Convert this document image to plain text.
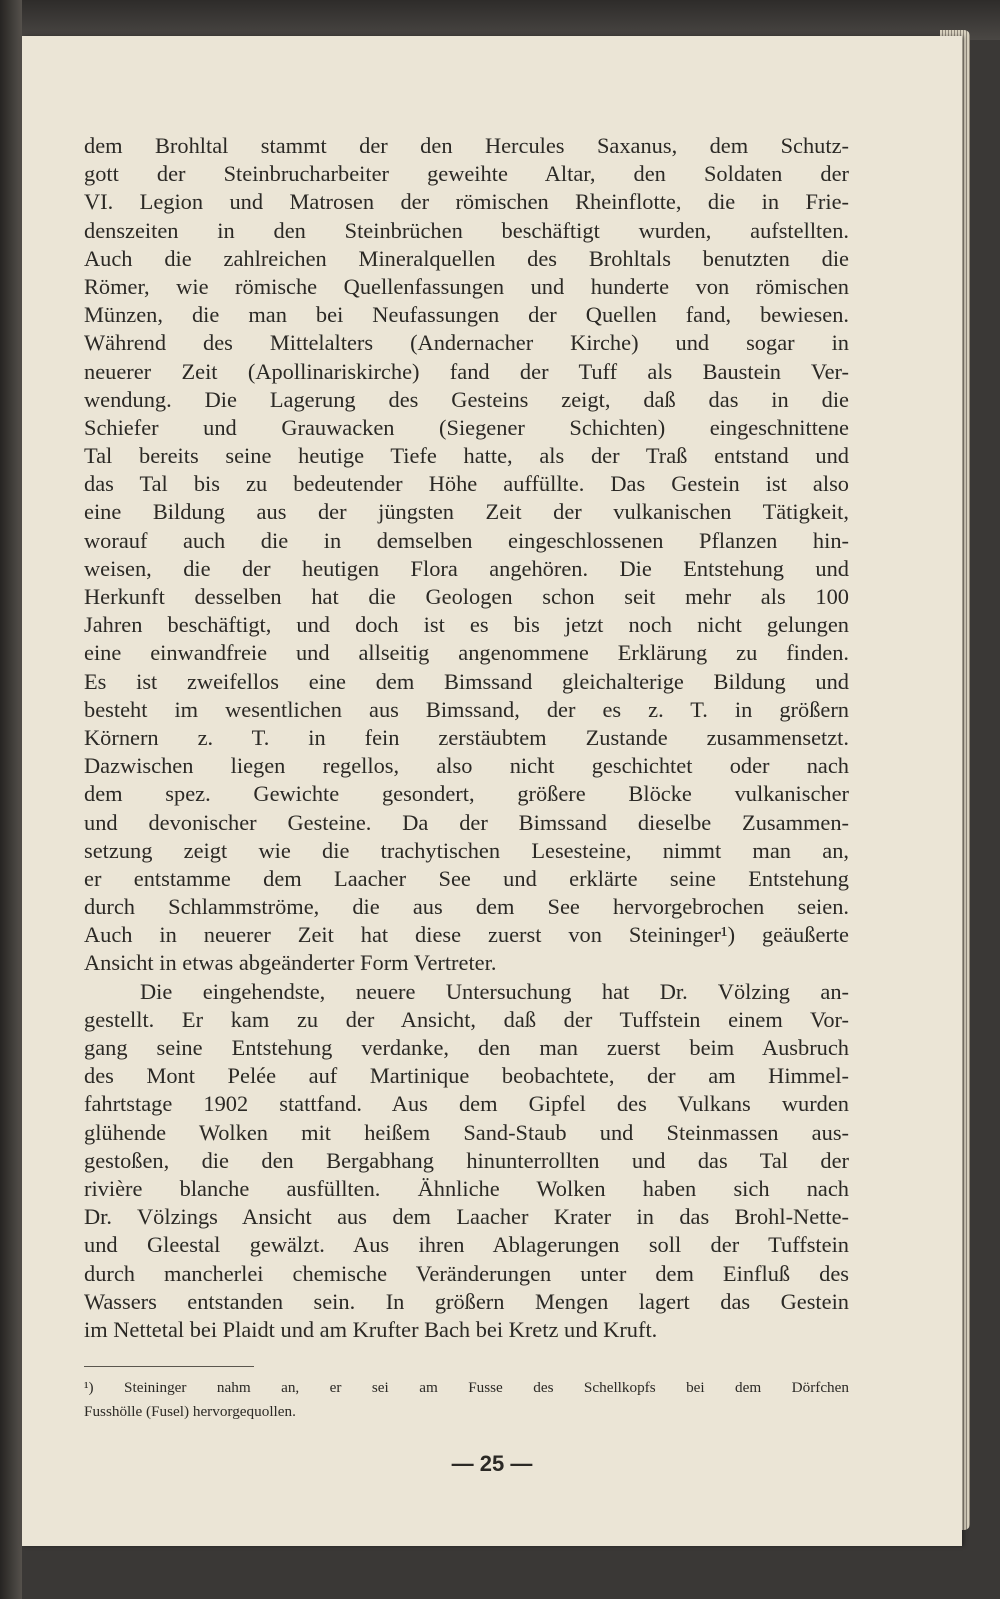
dem Brohltal stammt der den Hercules Saxanus, dem Schutz-
gott der Steinbrucharbeiter geweihte Altar, den Soldaten der
VI. Legion und Matrosen der römischen Rheinflotte, die in Frie-
denszeiten in den Steinbrüchen beschäftigt wurden, aufstellten.
Auch die zahlreichen Mineralquellen des Brohltals benutzten die
Römer, wie römische Quellenfassungen und hunderte von römischen
Münzen, die man bei Neufassungen der Quellen fand, bewiesen.
Während des Mittelalters (Andernacher Kirche) und sogar in
neuerer Zeit (Apollinariskirche) fand der Tuff als Baustein Ver-
wendung. Die Lagerung des Gesteins zeigt, daß das in die
Schiefer und Grauwacken (Siegener Schichten) eingeschnittene
Tal bereits seine heutige Tiefe hatte, als der Traß entstand und
das Tal bis zu bedeutender Höhe auffüllte. Das Gestein ist also
eine Bildung aus der jüngsten Zeit der vulkanischen Tätigkeit,
worauf auch die in demselben eingeschlossenen Pflanzen hin-
weisen, die der heutigen Flora angehören. Die Entstehung und
Herkunft desselben hat die Geologen schon seit mehr als 100
Jahren beschäftigt, und doch ist es bis jetzt noch nicht gelungen
eine einwandfreie und allseitig angenommene Erklärung zu finden.
Es ist zweifellos eine dem Bimssand gleichalterige Bildung und
besteht im wesentlichen aus Bimssand, der es z. T. in größern
Körnern z. T. in fein zerstäubtem Zustande zusammensetzt.
Dazwischen liegen regellos, also nicht geschichtet oder nach
dem spez. Gewichte gesondert, größere Blöcke vulkanischer
und devonischer Gesteine. Da der Bimssand dieselbe Zusammen-
setzung zeigt wie die trachytischen Lesesteine, nimmt man an,
er entstamme dem Laacher See und erklärte seine Entstehung
durch Schlammströme, die aus dem See hervorgebrochen seien.
Auch in neuerer Zeit hat diese zuerst von Steininger¹) geäußerte
Ansicht in etwas abgeänderter Form Vertreter.
Die eingehendste, neuere Untersuchung hat Dr. Völzing an-
gestellt. Er kam zu der Ansicht, daß der Tuffstein einem Vor-
gang seine Entstehung verdanke, den man zuerst beim Ausbruch
des Mont Pelée auf Martinique beobachtete, der am Himmel-
fahrtstage 1902 stattfand. Aus dem Gipfel des Vulkans wurden
glühende Wolken mit heißem Sand-Staub und Steinmassen aus-
gestoßen, die den Bergabhang hinunterrollten und das Tal der
rivière blanche ausfüllten. Ähnliche Wolken haben sich nach
Dr. Völzings Ansicht aus dem Laacher Krater in das Brohl-Nette-
und Gleestal gewälzt. Aus ihren Ablagerungen soll der Tuffstein
durch mancherlei chemische Veränderungen unter dem Einfluß des
Wassers entstanden sein. In größern Mengen lagert das Gestein
im Nettetal bei Plaidt und am Krufter Bach bei Kretz und Kruft.
¹) Steininger nahm an, er sei am Fusse des Schellkopfs bei dem Dörfchen
Fusshölle (Fusel) hervorgequollen.
— 25 —
